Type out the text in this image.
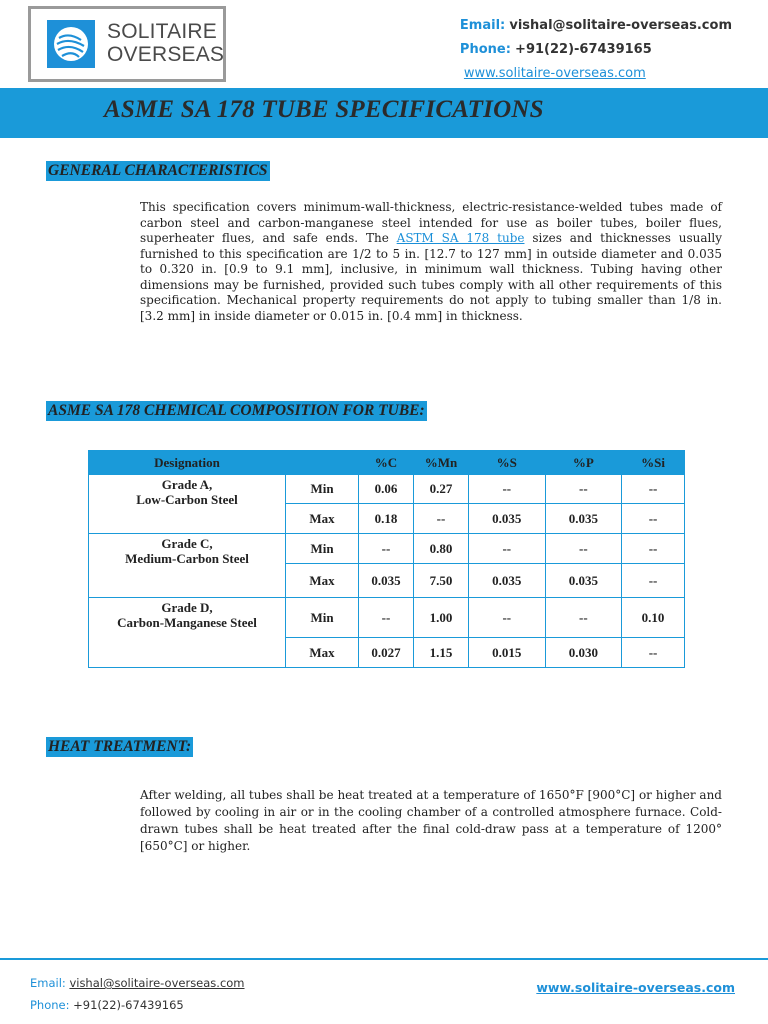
SOLITAIRE
OVERSEAS
Email: vishal@solitaire-overseas.com
Phone: +91(22)-67439165
www.solitaire-overseas.com
ASME SA 178 TUBE SPECIFICATIONS
GENERAL CHARACTERISTICS

This specification covers minimum-wall-thickness, electric-resistance-welded tubes made of carbon steel and carbon-manganese steel intended for use as boiler tubes, boiler flues, superheater flues, and safe ends. The ASTM SA 178 tube sizes and thicknesses usually furnished to this specification are 1/2 to 5 in. [12.7 to 127 mm] in outside diameter and 0.035 to 0.320 in. [0.9 to 9.1 mm], inclusive, in minimum wall thickness. Tubing having other dimensions may be furnished, provided such tubes comply with all other requirements of this specification. Mechanical property requirements do not apply to tubing smaller than 1/8 in. [3.2 mm] in inside diameter or 0.015 in. [0.4 mm] in thickness.

ASME SA 178 CHEMICAL COMPOSITION FOR TUBE:
Designation		%C	%Mn	%S	%P	%Si

Grade A,
Low-Carbon Steel	Min	0.06	0.27	--	--	--
	Max	0.18	--	0.035	0.035	--

Grade C,
Medium-Carbon Steel	Min	--	0.80	--	--	--
	Max	0.035	7.50	0.035	0.035	--

Grade D,
Carbon-Manganese Steel	Min	--	1.00	--	--	0.10
	Max	0.027	1.15	0.015	0.030	--
HEAT TREATMENT:

After welding, all tubes shall be heat treated at a temperature of 1650°F [900°C] or higher and followed by cooling in air or in the cooling chamber of a controlled atmosphere furnace. Cold-drawn tubes shall be heat treated after the final cold-draw pass at a temperature of 1200° [650°C] or higher.

Email: vishal@solitaire-overseas.com
Phone: +91(22)-67439165
www.solitaire-overseas.com
